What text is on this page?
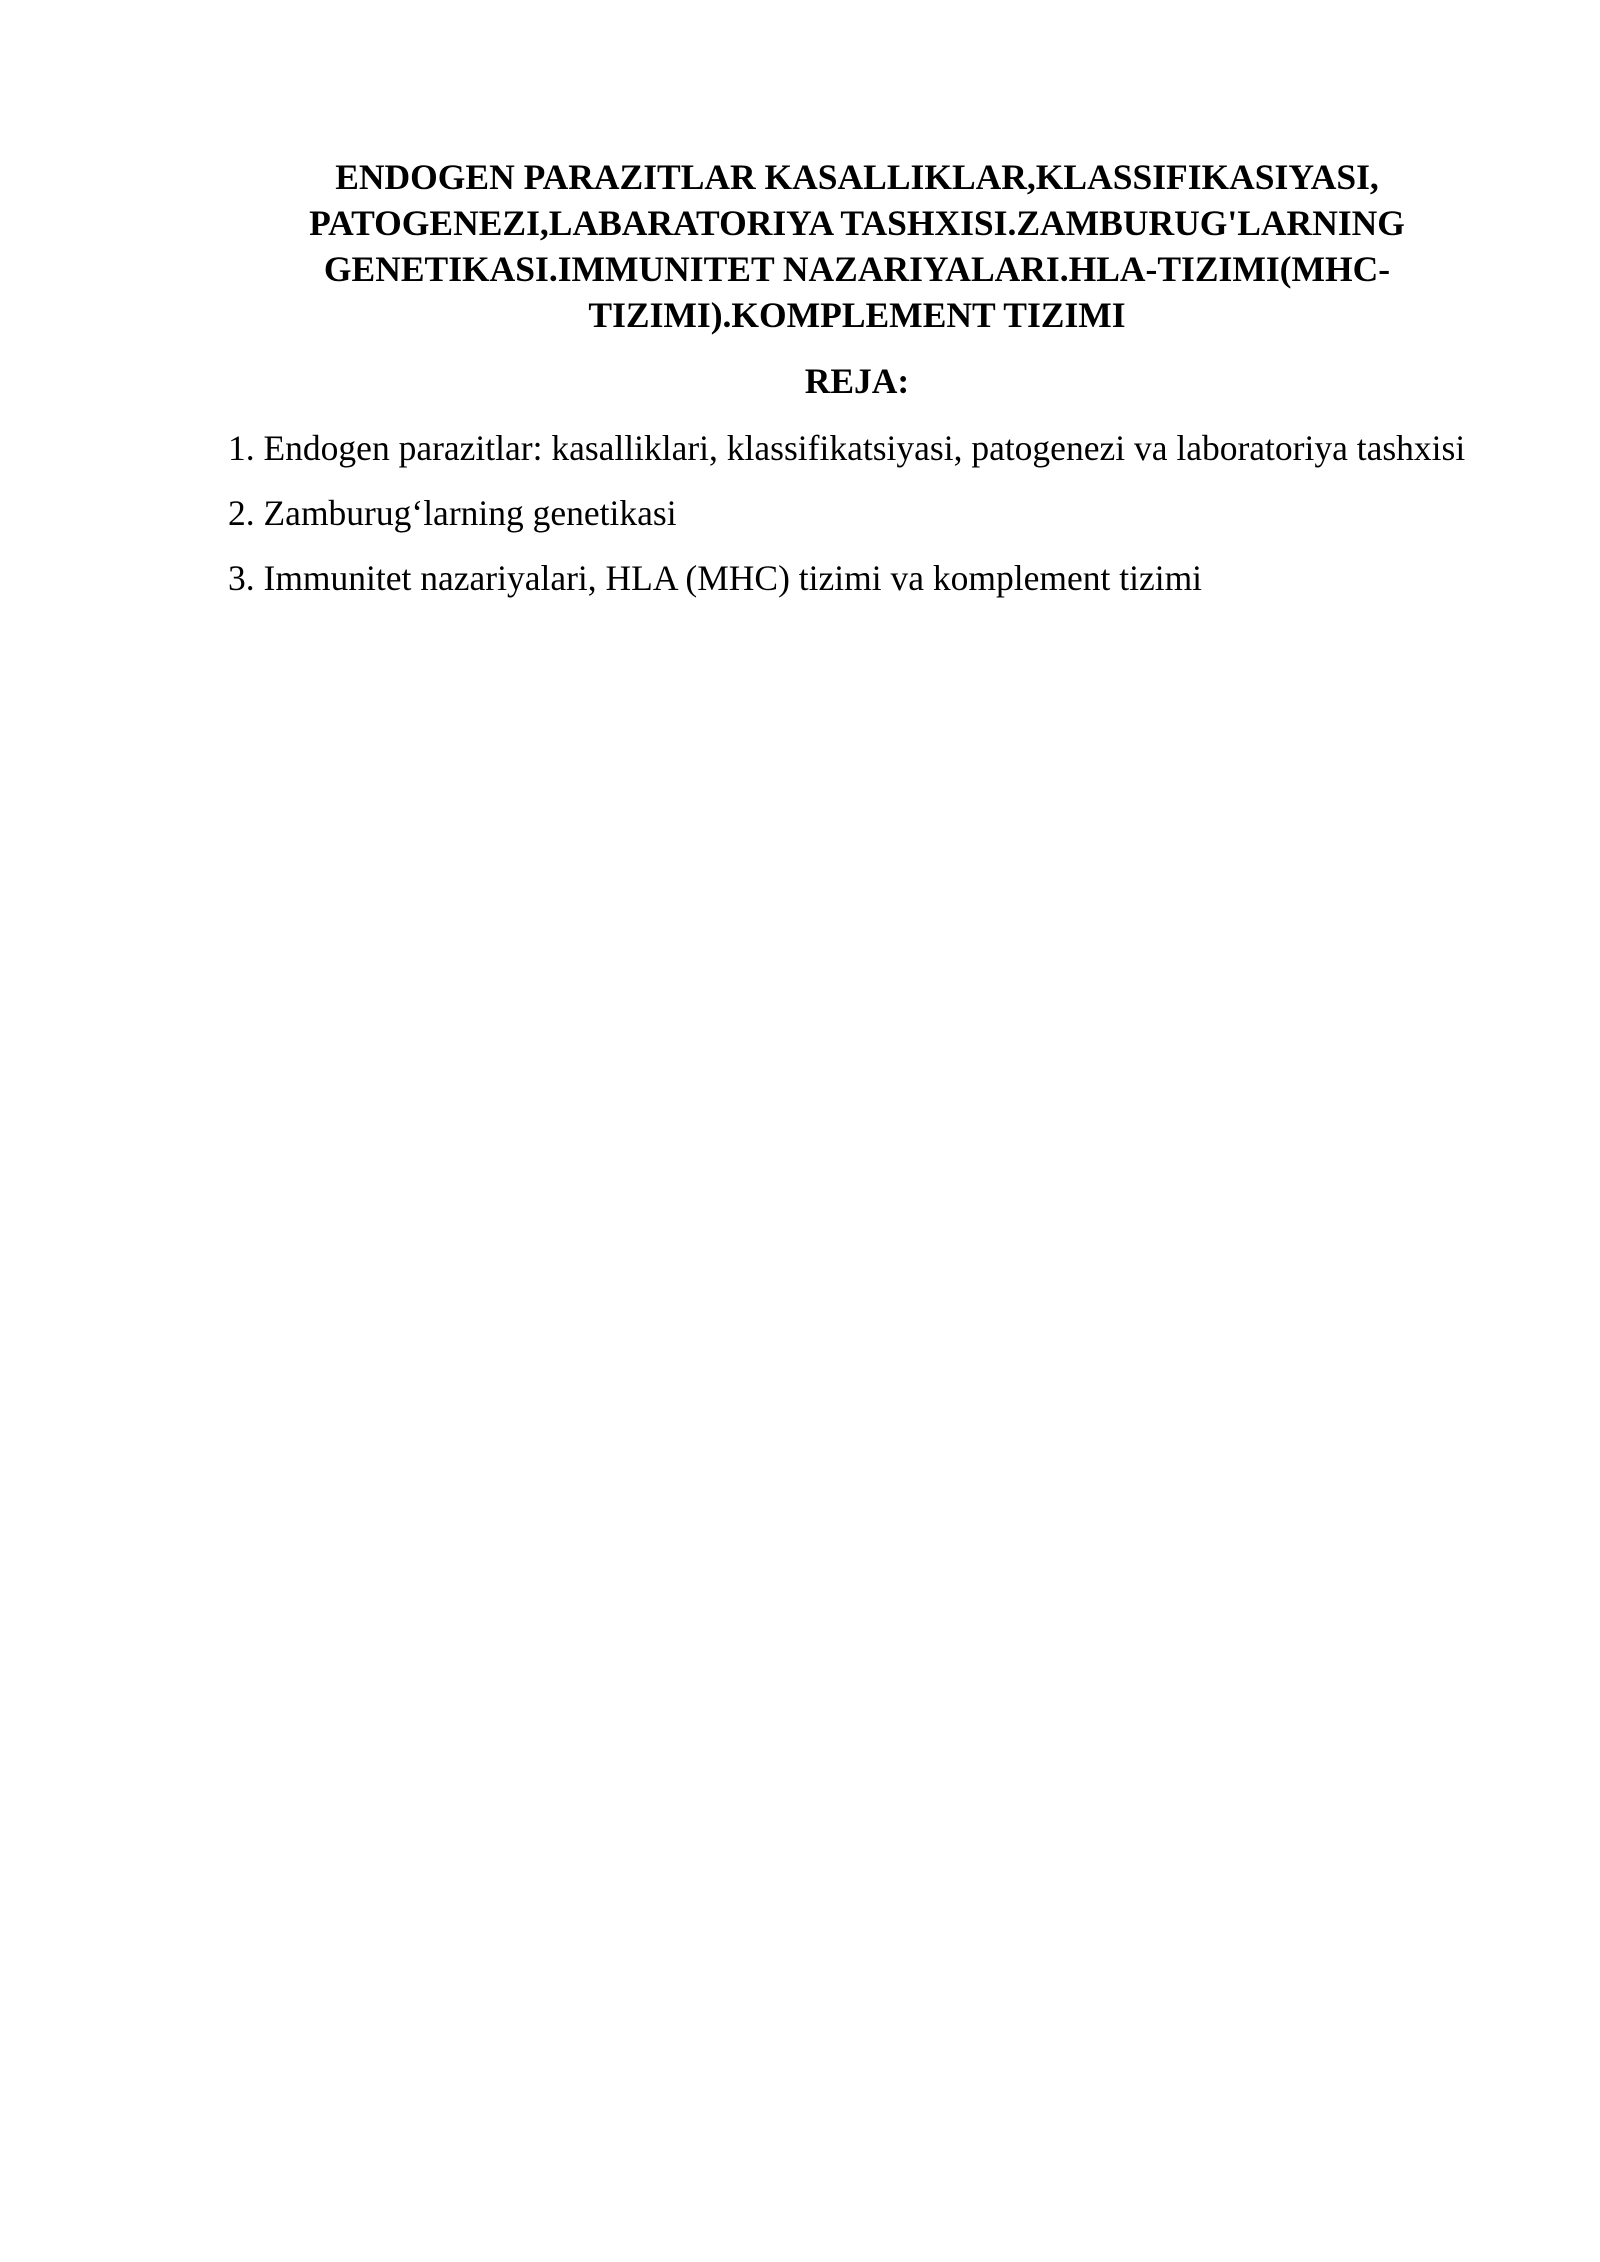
ENDOGEN PARAZITLAR KASALLIKLAR,KLASSIFIKASIYASI, PATOGENEZI,LABARATORIYA TASHXISI.ZAMBURUG'LARNING GENETIKASI.IMMUNITET NAZARIYALARI.HLA-TIZIMI(MHC-TIZIMI).KOMPLEMENT TIZIMI
REJA:
1. Endogen parazitlar: kasalliklari, klassifikatsiyasi, patogenezi va laboratoriya tashxisi
2. Zamburug‘larning genetikasi
3. Immunitet nazariyalari, HLA (MHC) tizimi va komplement tizimi
